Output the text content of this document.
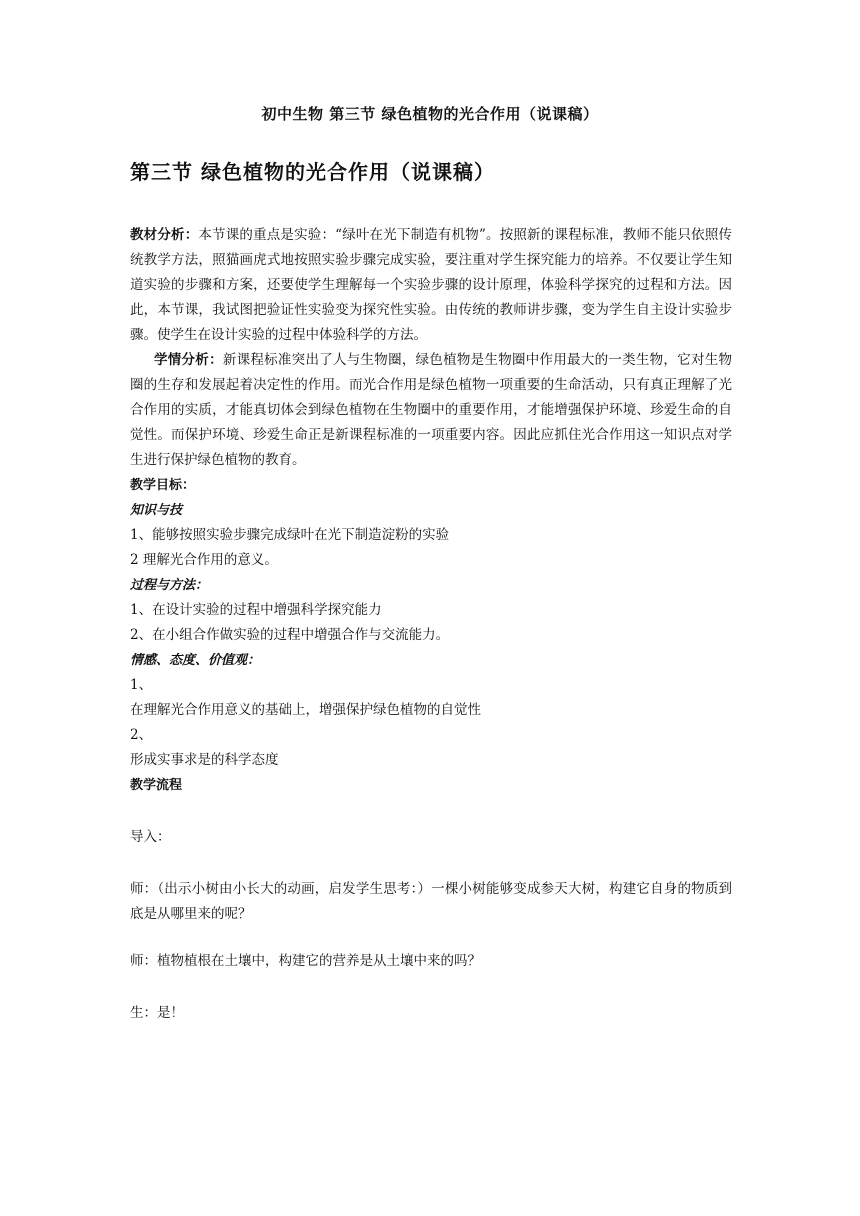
初中生物 第三节 绿色植物的光合作用（说课稿）
第三节 绿色植物的光合作用（说课稿）

教材分析：本节课的重点是实验：“绿叶在光下制造有机物”。按照新的课程标准，教师不能只依照传统教学方法，照猫画虎式地按照实验步骤完成实验，要注重对学生探究能力的培养。不仅要让学生知道实验的步骤和方案，还要使学生理解每一个实验步骤的设计原理，体验科学探究的过程和方法。因此，本节课，我试图把验证性实验变为探究性实验。由传统的教师讲步骤，变为学生自主设计实验步骤。使学生在设计实验的过程中体验科学的方法。

学情分析：新课程标准突出了人与生物圈，绿色植物是生物圈中作用最大的一类生物，它对生物圈的生存和发展起着决定性的作用。而光合作用是绿色植物一项重要的生命活动，只有真正理解了光合作用的实质，才能真切体会到绿色植物在生物圈中的重要作用，才能增强保护环境、珍爱生命的自觉性。而保护环境、珍爱生命正是新课程标准的一项重要内容。因此应抓住光合作用这一知识点对学生进行保护绿色植物的教育。

教学目标：

知识与技

1、能够按照实验步骤完成绿叶在光下制造淀粉的实验

2 理解光合作用的意义。

过程与方法：

1、在设计实验的过程中增强科学探究能力

2、在小组合作做实验的过程中增强合作与交流能力。

情感、态度、价值观：

1、

在理解光合作用意义的基础上，增强保护绿色植物的自觉性

2、

形成实事求是的科学态度

教学流程

导入：

师：（出示小树由小长大的动画，启发学生思考：）一棵小树能够变成参天大树，构建它自身的物质到底是从哪里来的呢？

师：植物植根在土壤中，构建它的营养是从土壤中来的吗？

生：是！
